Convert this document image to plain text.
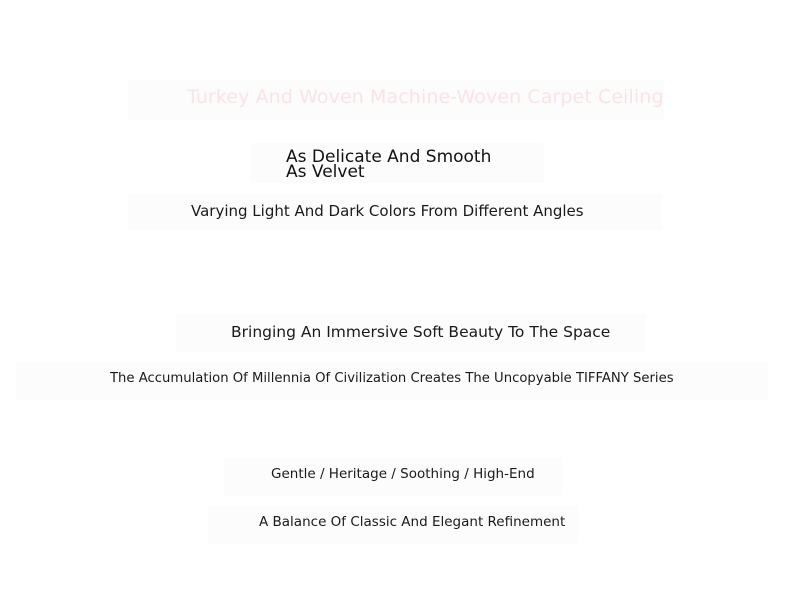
Turkey And Woven Machine-Woven Carpet Ceiling
As Delicate And Smooth
As Velvet
Varying Light And Dark Colors From Different Angles
Bringing An Immersive Soft Beauty To The Space
The Accumulation Of Millennia Of Civilization Creates The Uncopyable TIFFANY Series
Gentle / Heritage / Soothing / High-End
A Balance Of Classic And Elegant Refinement
